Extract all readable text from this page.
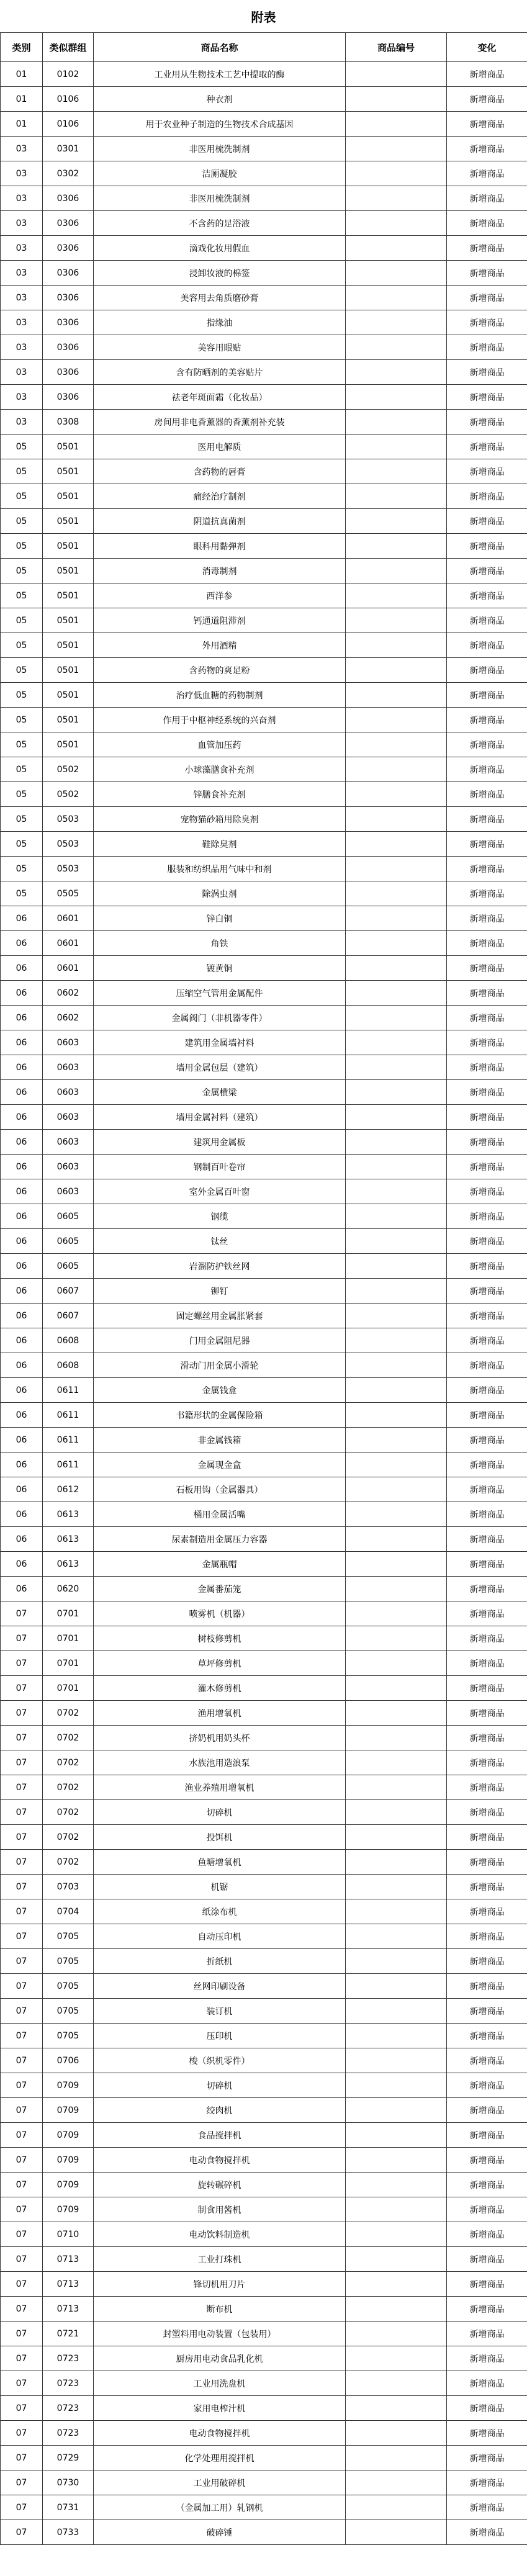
附表
类别	类似群组	商品名称	商品编号	变化
01	0102	工业用从生物技术工艺中提取的酶		新增商品
01	0106	种衣剂		新增商品
01	0106	用于农业种子制造的生物技术合成基因		新增商品
03	0301	非医用梳洗制剂		新增商品
03	0302	洁厕凝胶		新增商品
03	0306	非医用梳洗制剂		新增商品
03	0306	不含药的足浴液		新增商品
03	0306	滴戏化妆用假血		新增商品
03	0306	浸卸妆液的棉签		新增商品
03	0306	美容用去角质磨砂膏		新增商品
03	0306	指缘油		新增商品
03	0306	美容用眼贴		新增商品
03	0306	含有防晒剂的美容贴片		新增商品
03	0306	祛老年斑面霜（化妆品）		新增商品
03	0308	房间用非电香薰器的香薰剂补充装		新增商品
05	0501	医用电解质		新增商品
05	0501	含药物的唇膏		新增商品
05	0501	痛经治疗制剂		新增商品
05	0501	阴道抗真菌剂		新增商品
05	0501	眼科用黏弹剂		新增商品
05	0501	消毒制剂		新增商品
05	0501	西洋参		新增商品
05	0501	钙通道阻滞剂		新增商品
05	0501	外用酒精		新增商品
05	0501	含药物的爽足粉		新增商品
05	0501	治疗低血糖的药物制剂		新增商品
05	0501	作用于中枢神经系统的兴奋剂		新增商品
05	0501	血管加压药		新增商品
05	0502	小球藻膳食补充剂		新增商品
05	0502	锌膳食补充剂		新增商品
05	0503	宠物猫砂箱用除臭剂		新增商品
05	0503	鞋除臭剂		新增商品
05	0503	服装和纺织品用气味中和剂		新增商品
05	0505	除涡虫剂		新增商品
06	0601	锌白铜		新增商品
06	0601	角铁		新增商品
06	0601	镀黄铜		新增商品
06	0602	压缩空气管用金属配件		新增商品
06	0602	金属阀门（非机器零件）		新增商品
06	0603	建筑用金属墙衬料		新增商品
06	0603	墙用金属包层（建筑）		新增商品
06	0603	金属横梁		新增商品
06	0603	墙用金属衬料（建筑）		新增商品
06	0603	建筑用金属板		新增商品
06	0603	钢制百叶卷帘		新增商品
06	0603	室外金属百叶窗		新增商品
06	0605	钢缆		新增商品
06	0605	钛丝		新增商品
06	0605	岩溜防护铁丝网		新增商品
06	0607	铆钉		新增商品
06	0607	固定螺丝用金属胀紧套		新增商品
06	0608	门用金属阻尼器		新增商品
06	0608	滑动门用金属小滑轮		新增商品
06	0611	金属钱盒		新增商品
06	0611	书籍形状的金属保险箱		新增商品
06	0611	非金属钱箱		新增商品
06	0611	金属现金盒		新增商品
06	0612	石板用钩（金属器具）		新增商品
06	0613	桶用金属活嘴		新增商品
06	0613	尿素制造用金属压力容器		新增商品
06	0613	金属瓶帽		新增商品
06	0620	金属番茄笼		新增商品
07	0701	喷雾机（机器）		新增商品
07	0701	树枝修剪机		新增商品
07	0701	草坪修剪机		新增商品
07	0701	灌木修剪机		新增商品
07	0702	渔用增氧机		新增商品
07	0702	挤奶机用奶头杯		新增商品
07	0702	水族池用造浪泵		新增商品
07	0702	渔业养殖用增氧机		新增商品
07	0702	切碎机		新增商品
07	0702	投饵机		新增商品
07	0702	鱼塘增氧机		新增商品
07	0703	机锯		新增商品
07	0704	纸涂布机		新增商品
07	0705	自动压印机		新增商品
07	0705	折纸机		新增商品
07	0705	丝网印刷设备		新增商品
07	0705	装订机		新增商品
07	0705	压印机		新增商品
07	0706	梭（织机零件）		新增商品
07	0709	切碎机		新增商品
07	0709	绞肉机		新增商品
07	0709	食品搅拌机		新增商品
07	0709	电动食物搅拌机		新增商品
07	0709	旋转碾碎机		新增商品
07	0709	制食用酱机		新增商品
07	0710	电动饮料制造机		新增商品
07	0713	工业打珠机		新增商品
07	0713	锋切机用刀片		新增商品
07	0713	断布机		新增商品
07	0721	封塑料用电动装置（包装用）		新增商品
07	0723	厨房用电动食品乳化机		新增商品
07	0723	工业用洗盘机		新增商品
07	0723	家用电榨汁机		新增商品
07	0723	电动食物搅拌机		新增商品
07	0729	化学处理用搅拌机		新增商品
07	0730	工业用破碎机		新增商品
07	0731	（金属加工用）轧钢机		新增商品
07	0733	破碎锤		新增商品
